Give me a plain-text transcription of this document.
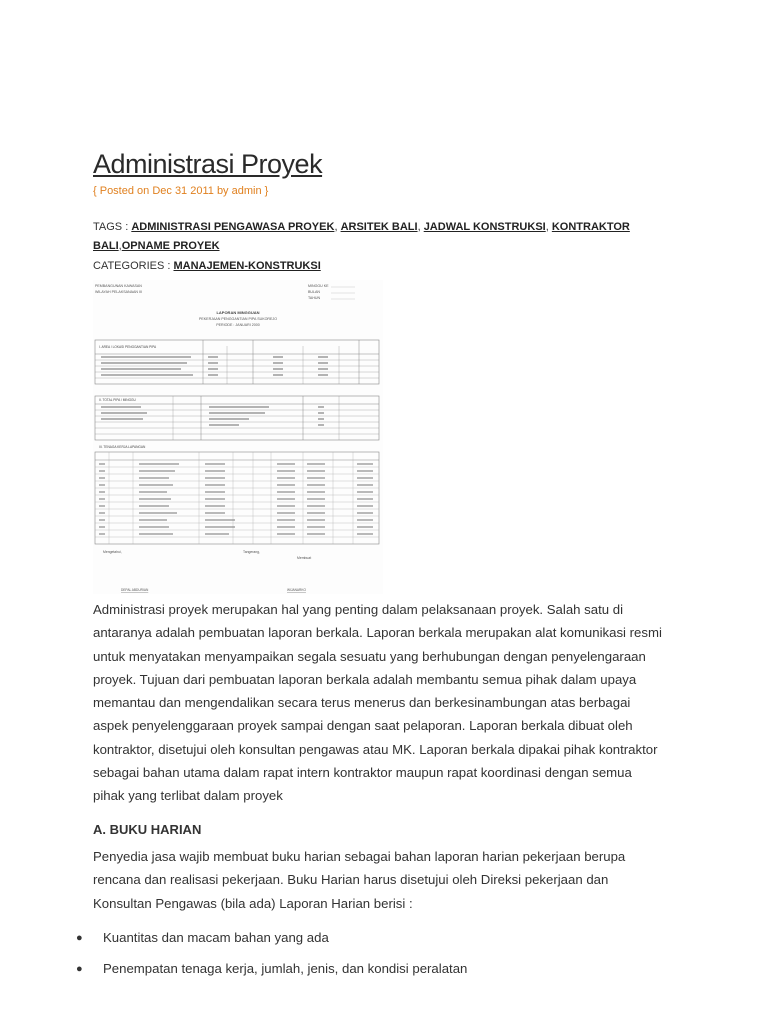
Administrasi Proyek
{ Posted on Dec 31 2011 by admin }
TAGS : ADMINISTRASI PENGAWASA PROYEK, ARSITEK BALI, JADWAL KONSTRUKSI, KONTRAKTOR BALI,OPNAME PROYEK
CATEGORIES : MANAJEMEN-KONSTRUKSI
PEMBANGUNAN KAWASAN
WILAYAH PELAKSANAAN III
MINGGU KE
BULAN
TAHUN
LAPORAN MINGGUAN
PEKERJAAN PENGGANTIAN PIPA SUKOREJO
PERIODE : JANUARI 2000
I. AREA / LOKASI PENGGANTIAN PIPA
II. TOTAL PIPA / MINGGU
III. TENAGA KERJA LAPANGAN
Tangerang,
Mengetahui,
Membuat
DEPAL ABDURIAN	WIJANARKO

Administrasi proyek merupakan hal yang penting dalam pelaksanaan proyek. Salah satu di antaranya adalah pembuatan laporan berkala. Laporan berkala merupakan alat komunikasi resmi untuk menyatakan menyampaikan segala sesuatu yang berhubungan dengan penyelengaraan proyek. Tujuan dari pembuatan laporan berkala adalah membantu semua pihak dalam upaya memantau dan mengendalikan secara terus menerus dan berkesinambungan atas berbagai aspek penyelenggaraan proyek sampai dengan saat pelaporan. Laporan berkala dibuat oleh kontraktor, disetujui oleh konsultan pengawas atau MK. Laporan berkala dipakai pihak kontraktor sebagai bahan utama dalam rapat intern kontraktor maupun rapat koordinasi dengan semua pihak yang terlibat dalam proyek

A. BUKU HARIAN

Penyedia jasa wajib membuat buku harian sebagai bahan laporan harian pekerjaan berupa rencana dan realisasi pekerjaan. Buku Harian harus disetujui oleh Direksi pekerjaan dan Konsultan Pengawas (bila ada) Laporan Harian berisi :

● Kuantitas dan macam bahan yang ada
● Penempatan tenaga kerja, jumlah, jenis, dan kondisi peralatan
